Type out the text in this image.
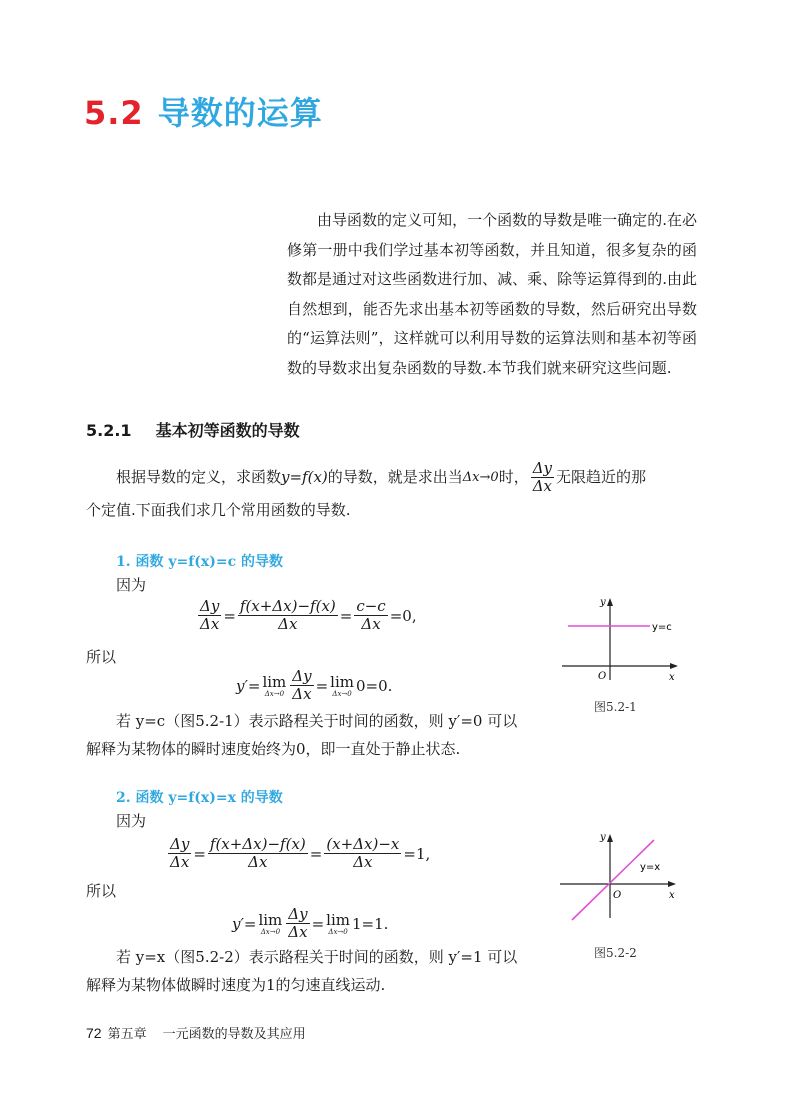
5.2 导数的运算

由导函数的定义可知，一个函数的导数是唯一确定的.在必修第一册中我们学过基本初等函数，并且知道，很多复杂的函数都是通过对这些函数进行加、减、乘、除等运算得到的.由此自然想到，能否先求出基本初等函数的导数，然后研究出导数的“运算法则”，这样就可以利用导数的运算法则和基本初等函数的导数求出复杂函数的导数.本节我们就来研究这些问题.

5.2.1 基本初等函数的导数
根据导数的定义，求函数 y=f(x) 的导数，就是求出当 Δx→0 时， $\frac{\Delta y}{\Delta x}$ 无限趋近的那
个定值.下面我们求几个常用函数的导数.
1. 函数 y=f(x)=c 的导数
因为
$\frac{\Delta y}{\Delta x} = \frac{f(x+\Delta x)-f(x)}{\Delta x} = \frac{c-c}{\Delta x} =0$,
所以
y′= lim
$\Delta x\to 0 \frac{\Delta y}{\Delta x} = \lim$
Δx→0 0=0.
若 y=c（图5.2-1）表示路程关于时间的函数，则 y′=0 可以
解释为某物体的瞬时速度始终为0，即一直处于静止状态.
y
x
O
y=c
图5.2-1
2. 函数 y=f(x)=x 的导数
因为
$\frac{\Delta y}{\Delta x} = \frac{f(x+\Delta x)-f(x)}{\Delta x} = \frac{(x+\Delta x)-x}{\Delta x} =1$,
所以
y′= lim
$\Delta x\to 0 \frac{\Delta y}{\Delta x} = \lim$
Δx→0 1=1.
若 y=x（图5.2-2）表示路程关于时间的函数，则 y′=1 可以
解释为某物体做瞬时速度为1的匀速直线运动.
y
x
O
y=x
图5.2-2
72 第五章 一元函数的导数及其应用
